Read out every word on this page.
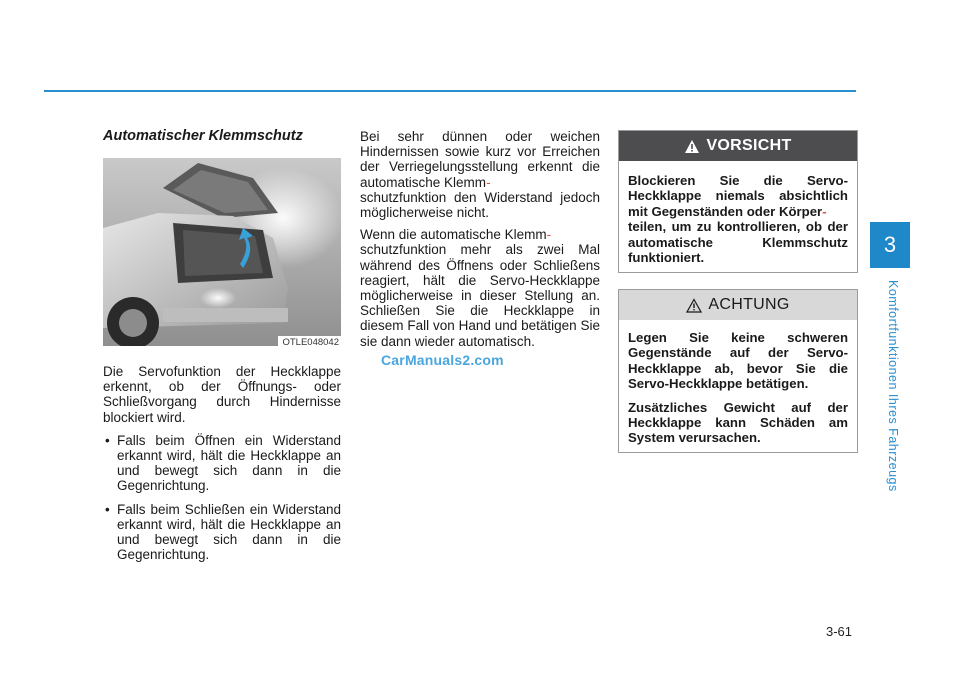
3
Komfortfunktionen Ihres Fahrzeugs
Automatischer Klemmschutz
OTLE048042

Die Servofunktion der Heckklappe erkennt, ob der Öffnungs- oder Schließvorgang durch Hindernisse blockiert wird.

• Falls beim Öffnen ein Widerstand erkannt wird, hält die Heckklappe an und bewegt sich dann in die Gegenrichtung.
• Falls beim Schließen ein Widerstand erkannt wird, hält die Heckklappe an und bewegt sich dann in die Gegenrichtung.

Bei sehr dünnen oder weichen Hindernissen sowie kurz vor Erreichen der Verriegelungsstellung erkennt die automatische Klemm-
schutzfunktion den Widerstand jedoch möglicherweise nicht.

Wenn die automatische Klemm-
schutzfunktion mehr als zwei Mal während des Öffnens oder Schließens reagiert, hält die Servo-Heckklappe möglicherweise in dieser Stellung an. Schließen Sie die Heckklappe in diesem Fall von Hand und betätigen Sie sie dann wieder automatisch.

CarManuals2.com
VORSICHT

Blockieren Sie die Servo-Heckklappe niemals absichtlich mit Gegenständen oder Körper-
teilen, um zu kontrollieren, ob der automatische Klemmschutz funktioniert.

ACHTUNG

Legen Sie keine schweren Gegenstände auf der Servo-Heckklappe ab, bevor Sie die Servo-Heckklappe betätigen.

Zusätzliches Gewicht auf der Heckklappe kann Schäden am System verursachen.

3-61
